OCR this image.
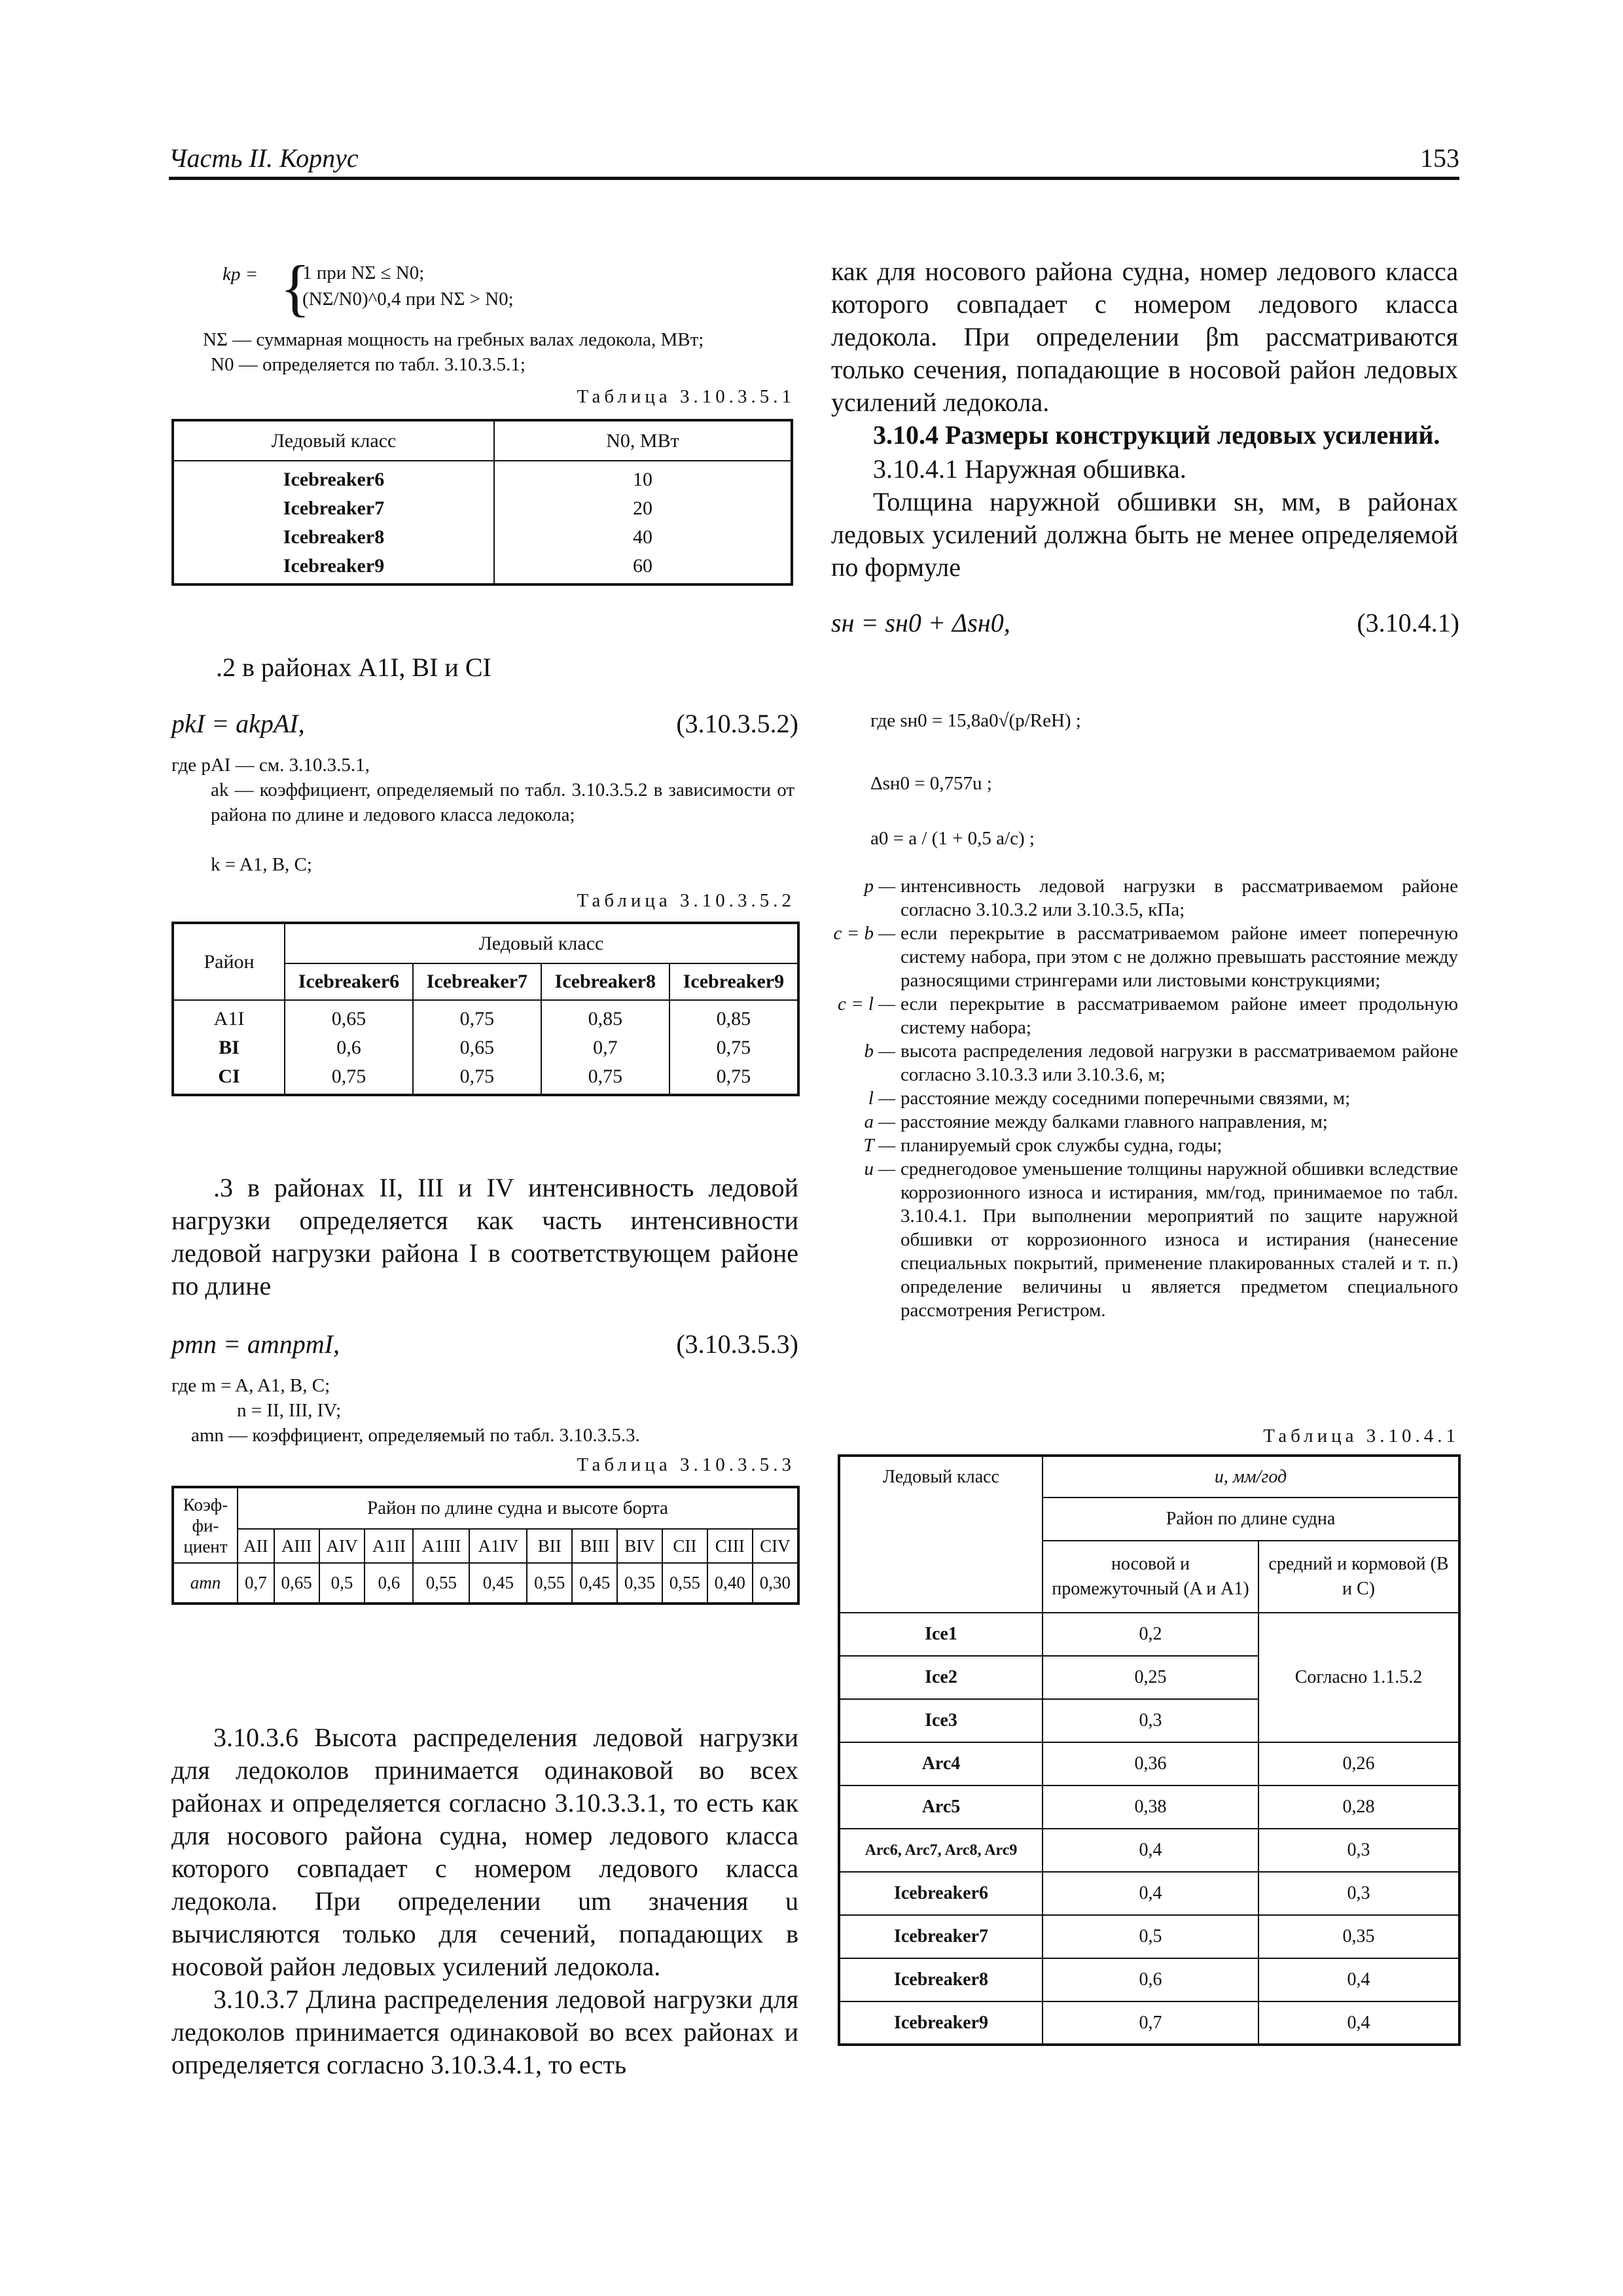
Часть II. Корпус	153
kp = {
1 при NΣ ≤ N0;
(NΣ/N0)^0,4 при NΣ > N0;
NΣ — суммарная мощность на гребных валах ледокола, МВт;
N0 — определяется по табл. 3.10.3.5.1;
Таблица 3.10.3.5.1
Ледовый класс	N0, МВт
Icebreaker6	10
Icebreaker7	20
Icebreaker8	40
Icebreaker9	60
.2 в районах A1I, BI и CI
pkI = akpAI,	(3.10.3.5.2)
где pAI — см. 3.10.3.5.1,
ak — коэффициент, определяемый по табл. 3.10.3.5.2 в зависимости от района по длине и ледового класса ледокола;
k = A1, B, C;
Таблица 3.10.3.5.2
Район	Ледовый класс			
	Icebreaker6	Icebreaker7	Icebreaker8	Icebreaker9
A1I	0,65	0,75	0,85	0,85
BI	0,6	0,65	0,7	0,75
CI	0,75	0,75	0,75	0,75
.3 в районах II, III и IV интенсивность ледовой нагрузки определяется как часть интенсивности ледовой нагрузки района I в соответствующем районе по длине
pmn = amnpmI,	(3.10.3.5.3)
где m = A, A1, B, C;
n = II, III, IV;
amn — коэффициент, определяемый по табл. 3.10.3.5.3.
Таблица 3.10.3.5.3
Коэф-фи-циент	Район по длине судна и высоте борта											
	AII	AIII	AIV	A1II	A1III	A1IV	BII	BIII	BIV	CII	CIII	CIV
amn	0,7	0,65	0,5	0,6	0,55	0,45	0,55	0,45	0,35	0,55	0,40	0,30
3.10.3.6 Высота распределения ледовой нагрузки для ледоколов принимается одинаковой во всех районах и определяется согласно 3.10.3.3.1, то есть как для носового района судна, номер ледового класса которого совпадает с номером ледового класса ледокола. При определении um значения u вычисляются только для сечений, попадающих в носовой район ледовых усилений ледокола.
3.10.3.7 Длина распределения ледовой нагрузки для ледоколов принимается одинаковой во всех районах и определяется согласно 3.10.3.4.1, то есть
как для носового района судна, номер ледового класса которого совпадает с номером ледового класса ледокола. При определении βm рассматриваются только сечения, попадающие в носовой район ледовых усилений ледокола.
3.10.4 Размеры конструкций ледовых усилений.
3.10.4.1 Наружная обшивка.
Толщина наружной обшивки sн, мм, в районах ледовых усилений должна быть не менее определяемой по формуле
sн = sн0 + Δsн0,	(3.10.4.1)
где sн0 = 15,8a0√(p/ReH) ;
Δsн0 = 0,757u ;
a0 = a / (1 + 0,5 a/c) ;
p — интенсивность ледовой нагрузки в рассматриваемом районе согласно 3.10.3.2 или 3.10.3.5, кПа;
c = b — если перекрытие в рассматриваемом районе имеет поперечную систему набора, при этом c не должно превышать расстояние между разносящими стрингерами или листовыми конструкциями;
c = l — если перекрытие в рассматриваемом районе имеет продольную систему набора;
b — высота распределения ледовой нагрузки в рассматриваемом районе согласно 3.10.3.3 или 3.10.3.6, м;
l — расстояние между соседними поперечными связями, м;
a — расстояние между балками главного направления, м;
T — планируемый срок службы судна, годы;
u — среднегодовое уменьшение толщины наружной обшивки вследствие коррозионного износа и истирания, мм/год, принимаемое по табл. 3.10.4.1. При выполнении мероприятий по защите наружной обшивки от коррозионного износа и истирания (нанесение специальных покрытий, применение плакированных сталей и т. п.) определение величины u является предметом специального рассмотрения Регистром.
Таблица 3.10.4.1
Ледовый класс	u, мм/год	
	Район по длине судна	
	носовой и промежуточный (A и A1)	средний и кормовой (B и C)
Ice1	0,2	Согласно 1.1.5.2
Ice2	0,25	
Ice3	0,3	
Arc4	0,36	0,26
Arc5	0,38	0,28
Arc6, Arc7, Arc8, Arc9	0,4	0,3
Icebreaker6	0,4	0,3
Icebreaker7	0,5	0,35
Icebreaker8	0,6	0,4
Icebreaker9	0,7	0,4
